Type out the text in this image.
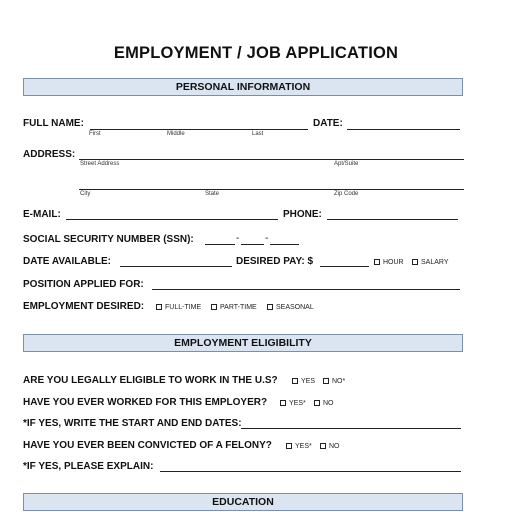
EMPLOYMENT / JOB APPLICATION
PERSONAL INFORMATION
FULL NAME:
First	Middle	Last
DATE:
ADDRESS:
Street Address	Apt/Suite
City	State	Zip Code
E-MAIL:	PHONE:
SOCIAL SECURITY NUMBER (SSN):	-	-
DATE AVAILABLE:	DESIRED PAY: $	HOUR	SALARY
POSITION APPLIED FOR:
EMPLOYMENT DESIRED:	FULL-TIME	PART-TIME	SEASONAL
EMPLOYMENT ELIGIBILITY
ARE YOU LEGALLY ELIGIBLE TO WORK IN THE U.S?	YES	NO*
HAVE YOU EVER WORKED FOR THIS EMPLOYER?	YES*	NO
*IF YES, WRITE THE START AND END DATES:
HAVE YOU EVER BEEN CONVICTED OF A FELONY?	YES*	NO
*IF YES, PLEASE EXPLAIN:
EDUCATION
